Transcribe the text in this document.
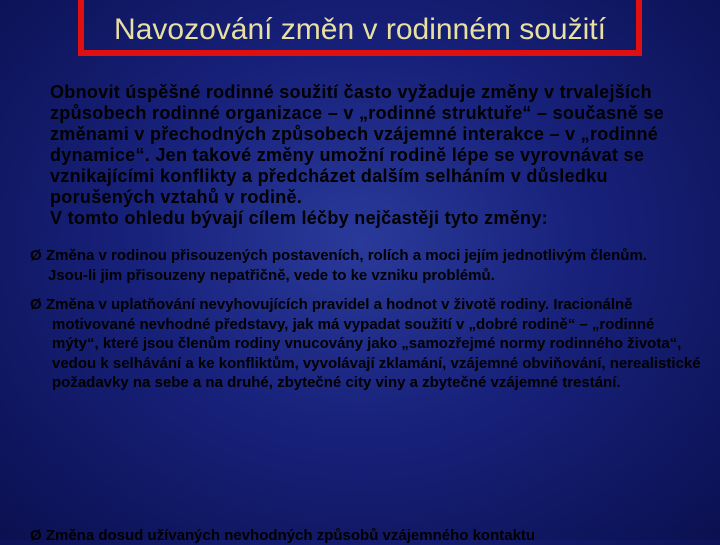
Navozování změn v rodinném soužití

Obnovit úspěšné rodinné soužití často vyžaduje změny v trvalejších způsobech rodinné organizace – v „rodinné struktuře“ – současně se změnami v přechodných způsobech vzájemné interakce – v „rodinné dynamice“. Jen takové změny umožní rodině lépe se vyrovnávat se vznikajícími konflikty a předcházet dalším selháním v důsledku porušených vztahů v rodině.

V tomto ohledu bývají cílem léčby nejčastěji tyto změny:

Ø Změna v rodinou přisouzených postaveních, rolích a moci jejím jednotlivým členům.
Jsou-li jim přisouzeny nepatřičně, vede to ke vzniku problémů.
Ø Změna v uplatňování nevyhovujících pravidel a hodnot v životě rodiny. Iracionálně
motivované nevhodné představy, jak má vypadat soužití v „dobré rodině“ – „rodinné
mýty“, které jsou členům rodiny vnucovány jako „samozřejmé normy rodinného života“,
vedou k selhávání a ke konfliktům, vyvolávají zklamání, vzájemné obviňování, nerealistické
požadavky na sebe a na druhé, zbytečné city viny a zbytečné vzájemné trestání.
Ø Změna dosud užívaných nevhodných způsobů vzájemného kontaktu
